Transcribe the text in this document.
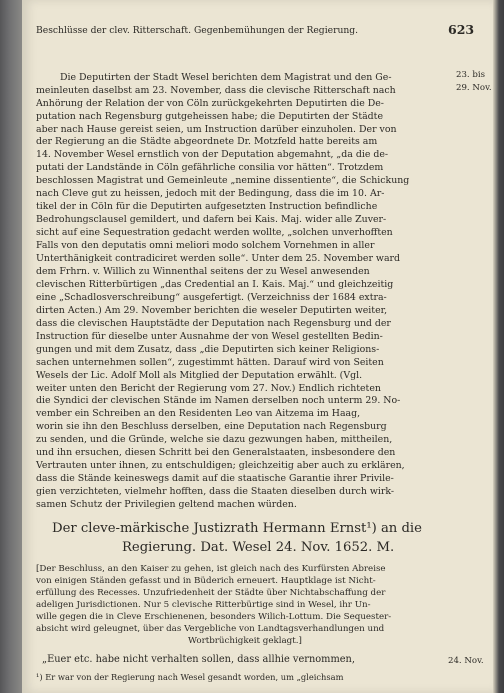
Beschlüsse der clev. Ritterschaft. Gegenbemühungen der Regierung.	623
23. bis
29. Nov.
Die Deputirten der Stadt Wesel berichten dem Magistrat und den Ge-
meinleuten daselbst am 23. November, dass die clevische Ritterschaft nach
Anhörung der Relation der von Cöln zurückgekehrten Deputirten die De-
putation nach Regensburg gutgeheissen habe; die Deputirten der Städte
aber nach Hause gereist seien, um Instruction darüber einzuholen. Der von
der Regierung an die Städte abgeordnete Dr. Motzfeld hatte bereits am
14. November Wesel ernstlich von der Deputation abgemahnt, „da die de-
putati der Landstände in Cöln gefährliche consilia vor hätten“. Trotzdem
beschlossen Magistrat und Gemeinleute „nemine dissentiente“, die Schickung
nach Cleve gut zu heissen, jedoch mit der Bedingung, dass die im 10. Ar-
tikel der in Cöln für die Deputirten aufgesetzten Instruction befindliche
Bedrohungsclausel gemildert, und dafern bei Kais. Maj. wider alle Zuver-
sicht auf eine Sequestration gedacht werden wollte, „solchen unverhofften
Falls von den deputatis omni meliori modo solchem Vornehmen in aller
Unterthänigkeit contradiciret werden solle“. Unter dem 25. November ward
dem Frhrn. v. Willich zu Winnenthal seitens der zu Wesel anwesenden
clevischen Ritterbürtigen „das Credential an I. Kais. Maj.“ und gleichzeitig
eine „Schadlosverschreibung“ ausgefertigt. (Verzeichniss der 1684 extra-
dirten Acten.) Am 29. November berichten die weseler Deputirten weiter,
dass die clevischen Hauptstädte der Deputation nach Regensburg und der
Instruction für dieselbe unter Ausnahme der von Wesel gestellten Bedin-
gungen und mit dem Zusatz, dass „die Deputirten sich keiner Religions-
sachen unternehmen sollen“, zugestimmt hätten. Darauf wird von Seiten
Wesels der Lic. Adolf Moll als Mitglied der Deputation erwählt. (Vgl.
weiter unten den Bericht der Regierung vom 27. Nov.) Endlich richteten
die Syndici der clevischen Stände im Namen derselben noch unterm 29. No-
vember ein Schreiben an den Residenten Leo van Aitzema im Haag,
worin sie ihn den Beschluss derselben, eine Deputation nach Regensburg
zu senden, und die Gründe, welche sie dazu gezwungen haben, mittheilen,
und ihn ersuchen, diesen Schritt bei den Generalstaaten, insbesondere den
Vertrauten unter ihnen, zu entschuldigen; gleichzeitig aber auch zu erklären,
dass die Stände keineswegs damit auf die staatische Garantie ihrer Privile-
gien verzichteten, vielmehr hofften, dass die Staaten dieselben durch wirk-
samen Schutz der Privilegien geltend machen würden.
Der cleve-märkische Justizrath Hermann Ernst¹) an die
Regierung. Dat. Wesel 24. Nov. 1652. M.
[Der Beschluss, an den Kaiser zu gehen, ist gleich nach des Kurfürsten Abreise
von einigen Ständen gefasst und in Büderich erneuert. Hauptklage ist Nicht-
erfüllung des Recesses. Unzufriedenheit der Städte über Nichtabschaffung der
adeligen Jurisdictionen. Nur 5 clevische Ritterbürtige sind in Wesel, ihr Un-
wille gegen die in Cleve Erschienenen, besonders Wilich-Lottum. Die Sequester-
absicht wird geleugnet, über das Vergebliche von Landtagsverhandlungen und
Wortbrüchigkeit geklagt.]
„Euer etc. habe nicht verhalten sollen, dass allhie vernommen,	24. Nov.
¹) Er war von der Regierung nach Wesel gesandt worden, um „gleichsam
